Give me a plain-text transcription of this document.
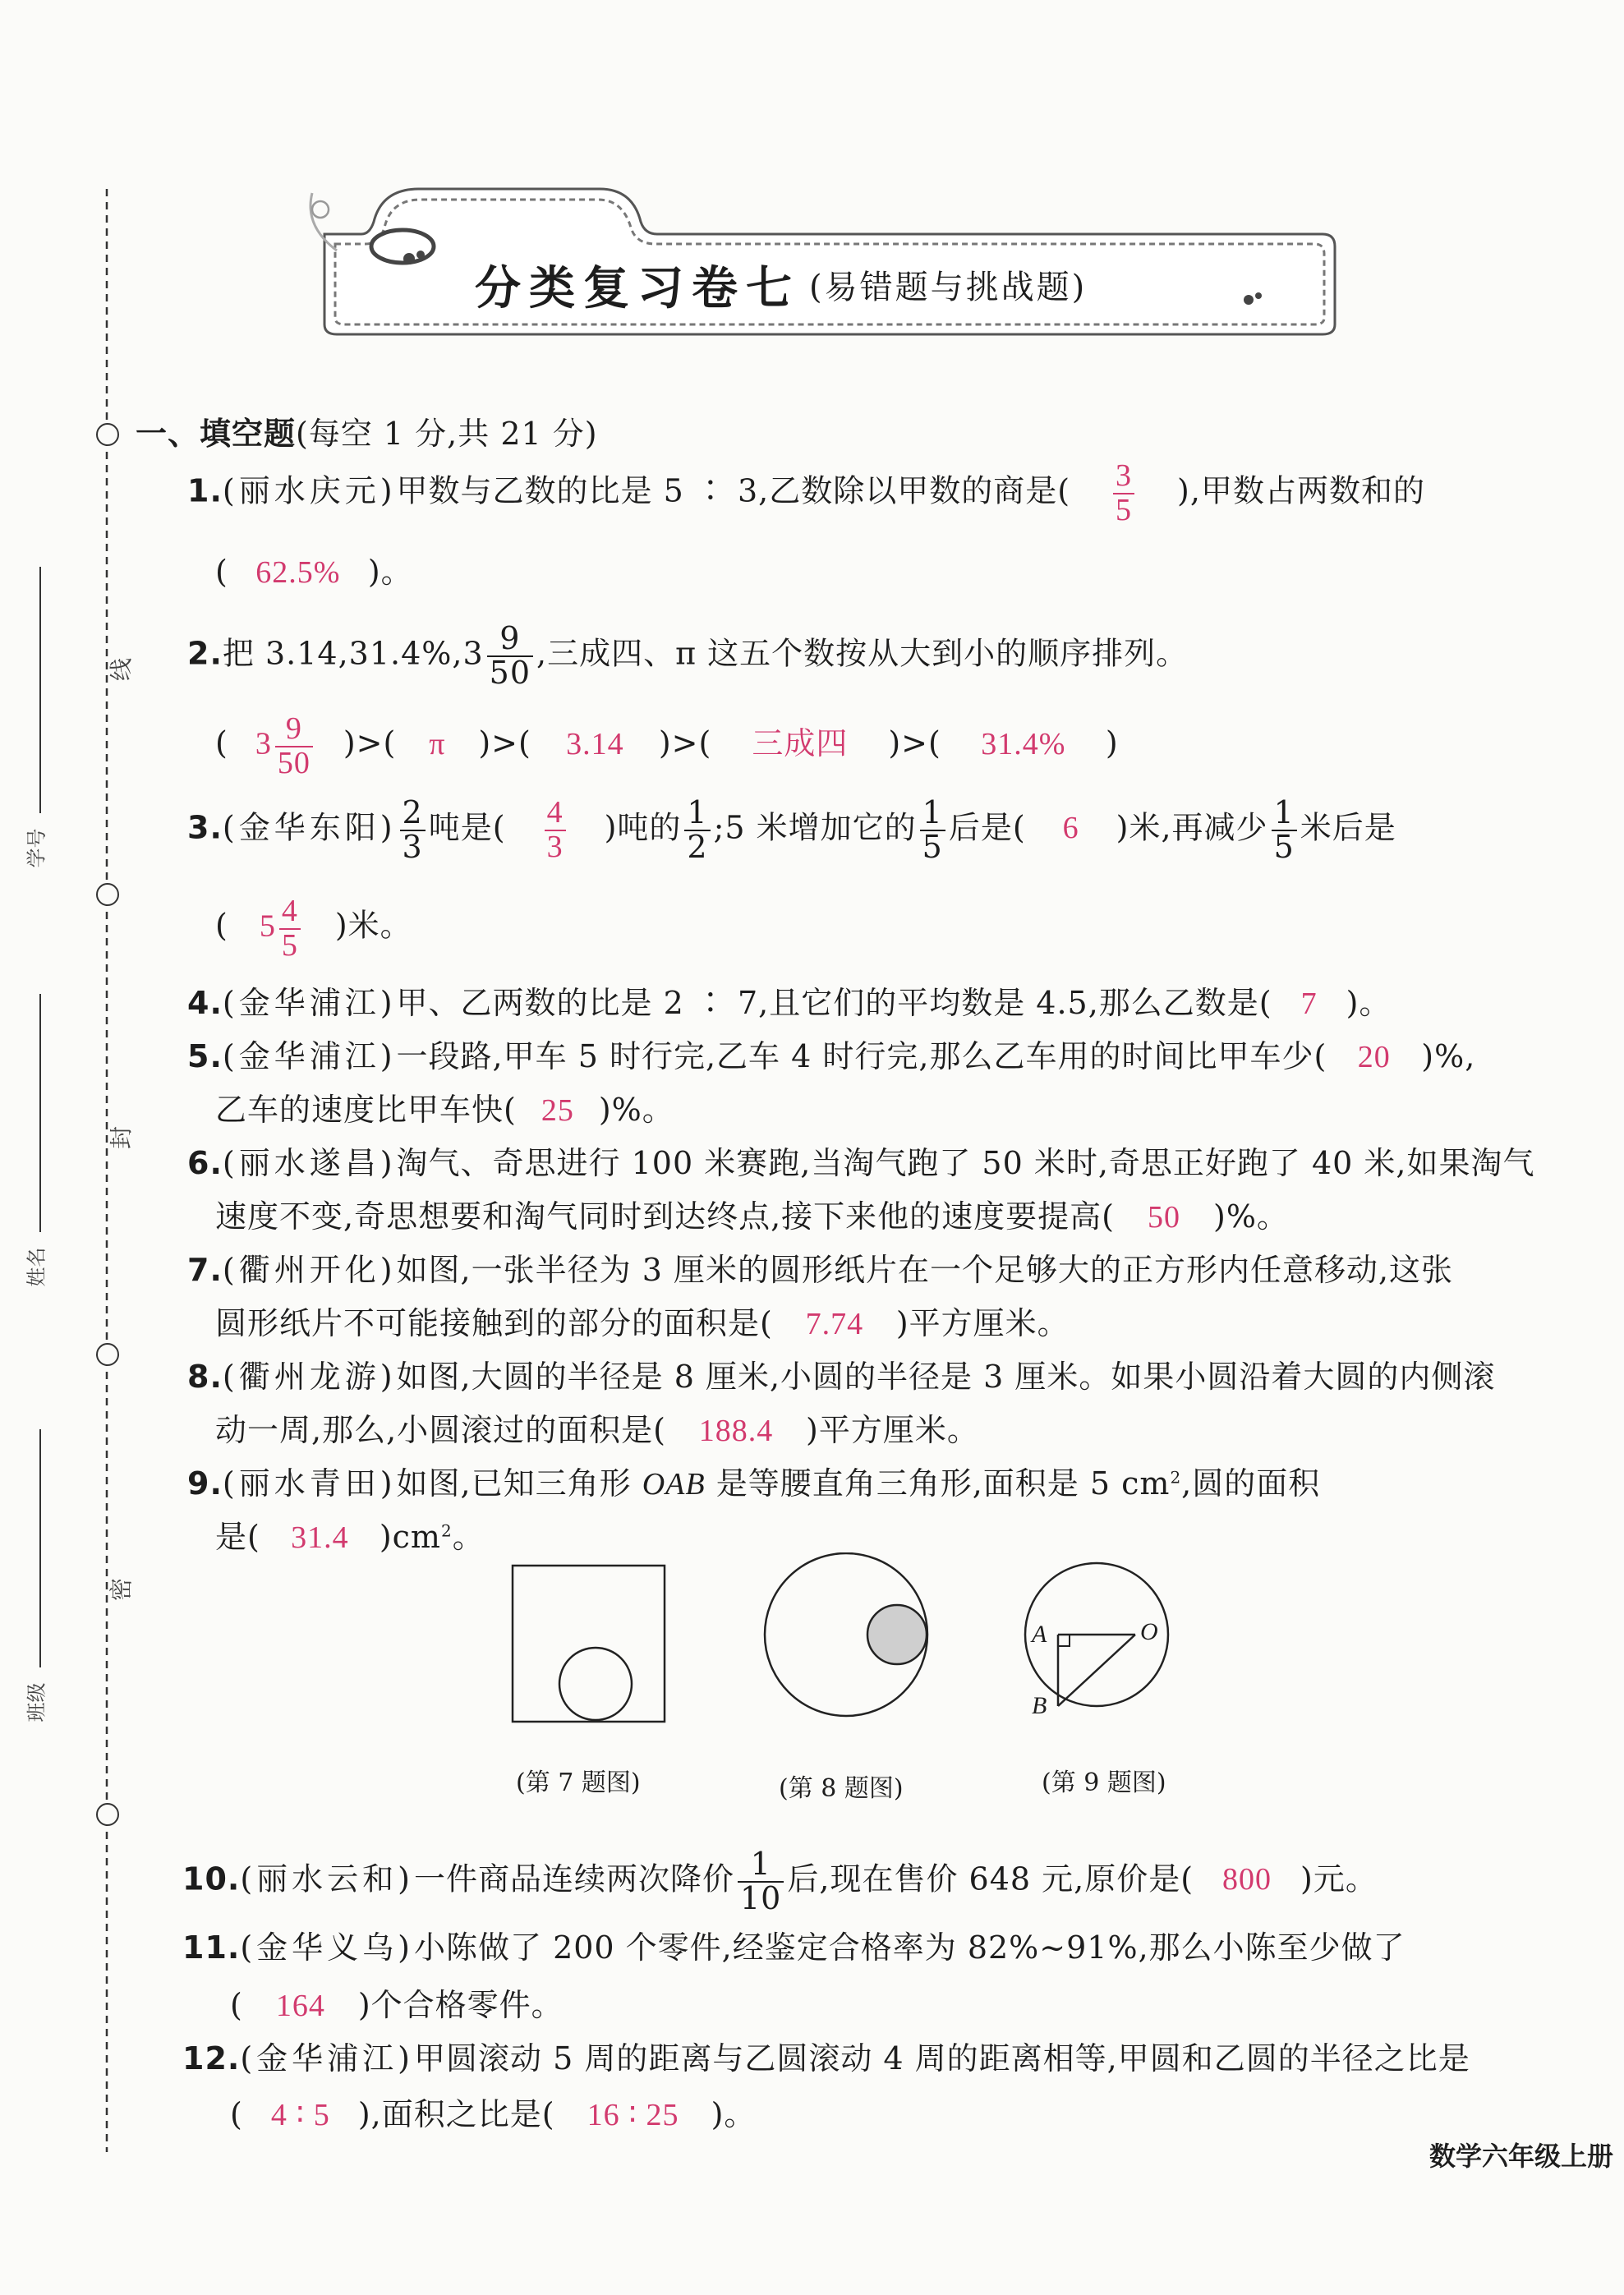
线
封
密
学号
姓名
班级
分类复习卷七 (易错题与挑战题)
一、填空题(每空 1 分,共 21 分)
1.(丽水庆元)甲数与乙数的比是 5 ∶ 3,乙数除以甲数的商是( $\frac{3}{5}$ ),甲数占两数和的
( 62.5% )。
2.把 $3.14,31.4\%,3 \frac{9}{50}$ ,三成四、π 这五个数按从大到小的顺序排列。
( $3 \frac{9}{50}$ )>( π )>( 3.14 )>( 三成四 )>( 31.4% )
3.(金华东阳) $\frac{2}{3}$ 吨是( $\frac{4}{3}$ )吨的 $\frac{1}{2}$ ;5 米增加它的 $\frac{1}{5}$ 后是( 6 )米,再减少 $\frac{1}{5}$ 米后是
( $5 \frac{4}{5}$ )米。
4.(金华浦江)甲、乙两数的比是 2 ∶ 7,且它们的平均数是 4.5,那么乙数是( 7 )。
5.(金华浦江)一段路,甲车 5 时行完,乙车 4 时行完,那么乙车用的时间比甲车少( 20 )%,
乙车的速度比甲车快( 25 )%。
6.(丽水遂昌)淘气、奇思进行 100 米赛跑,当淘气跑了 50 米时,奇思正好跑了 40 米,如果淘气
速度不变,奇思想要和淘气同时到达终点,接下来他的速度要提高( 50 )%。
7.(衢州开化)如图,一张半径为 3 厘米的圆形纸片在一个足够大的正方形内任意移动,这张
圆形纸片不可能接触到的部分的面积是( 7.74 )平方厘米。
8.(衢州龙游)如图,大圆的半径是 8 厘米,小圆的半径是 3 厘米。如果小圆沿着大圆的内侧滚
动一周,那么,小圆滚过的面积是( 188.4 )平方厘米。
9.(丽水青田)如图,已知三角形 OAB 是等腰直角三角形,面积是 5 $cm^2$,圆的面积
是( 31.4 )$cm^2$。
A
B
O
(第 7 题图)	(第 8 题图)	(第 9 题图)
10.(丽水云和)一件商品连续两次降价 $\frac{1}{10}$ 后,现在售价 648 元,原价是( 800 )元。
11.(金华义乌)小陈做了 200 个零件,经鉴定合格率为 82%~91%,那么小陈至少做了
( 164 )个合格零件。
12.(金华浦江)甲圆滚动 5 周的距离与乙圆滚动 4 周的距离相等,甲圆和乙圆的半径之比是
( 4 ∶ 5 ),面积之比是( 16 ∶ 25 )。
数学六年级上册
